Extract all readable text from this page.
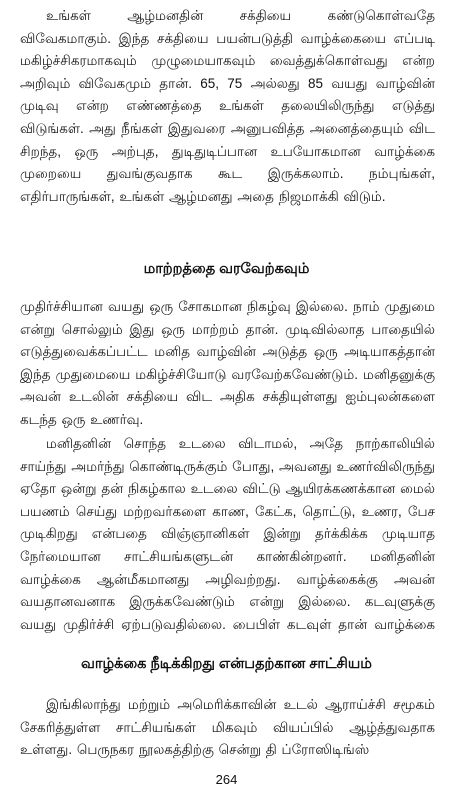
உங்கள் ஆழ்மனதின் சக்தியை கண்டுகொள்வதே விவேகமாகும். இந்த சக்தியை பயன்படுத்தி வாழ்க்கையை எப்படி மகிழ்ச்சிகரமாகவும் முழுமையாகவும் வைத்துக்கொள்வது என்ற அறிவும் விவேகமும் தான். 65, 75 அல்லது 85 வயது வாழ்வின் முடிவு என்ற எண்ணத்தை உங்கள் தலையிலிருந்து எடுத்து விடுங்கள். அது நீங்கள் இதுவரை அனுபவித்த அனைத்தையும் விட சிறந்த, ஒரு அற்புத, துடிதுடிப்பான உபயோகமான வாழ்க்கை முறையை துவங்குவதாக கூட இருக்கலாம். நம்புங்கள், எதிர்பாருங்கள், உங்கள் ஆழ்மனது அதை நிஜமாக்கி விடும்.

மாற்றத்தை வரவேற்கவும்

முதிர்ச்சியான வயது ஒரு சோகமான நிகழ்வு இல்லை. நாம் முதுமை என்று சொல்லும் இது ஒரு மாற்றம் தான். முடிவில்லாத பாதையில் எடுத்துவைக்கப்பட்ட மனித வாழ்வின் அடுத்த ஒரு அடியாகத்தான் இந்த முதுமையை மகிழ்ச்சியோடு வரவேற்கவேண்டும். மனிதனுக்கு அவன் உடலின் சக்தியை விட அதிக சக்தியுள்ளது ஐம்புலன்களை கடந்த ஒரு உணர்வு.

மனிதனின் சொந்த உடலை விடாமல், அதே நாற்காலியில் சாய்ந்து அமர்ந்து கொண்டிருக்கும் போது, அவனது உணர்விலிருந்து ஏதோ ஒன்று தன் நிகழ்கால உடலை விட்டு ஆயிரக்கணக்கான மைல் பயணம் செய்து மற்றவர்களை காண, கேட்க, தொட்டு, உணர, பேச முடிகிறது என்பதை விஞ்ஞானிகள் இன்று தர்க்கிக்க முடியாத நேர்மையான சாட்சியங்களுடன் காண்கின்றனர். மனிதனின் வாழ்க்கை ஆன்மீகமானது அழிவற்றது. வாழ்க்கைக்கு அவன் வயதானவனாக இருக்கவேண்டும் என்று இல்லை. கடவுளுக்கு வயது முதிர்ச்சி ஏற்படுவதில்லை. பைபிள் கடவுள் தான் வாழ்க்கை

வாழ்க்கை நீடிக்கிறது என்பதற்கான சாட்சியம்

இங்கிலாந்து மற்றும் அமெரிக்காவின் உடல் ஆராய்ச்சி சமூகம் சேகரித்துள்ள சாட்சியங்கள் மிகவும் வியப்பில் ஆழ்த்துவதாக உள்ளது. பெருநகர நூலகத்திற்கு சென்று தி ப்ரோஸிடிங்ஸ்

264
